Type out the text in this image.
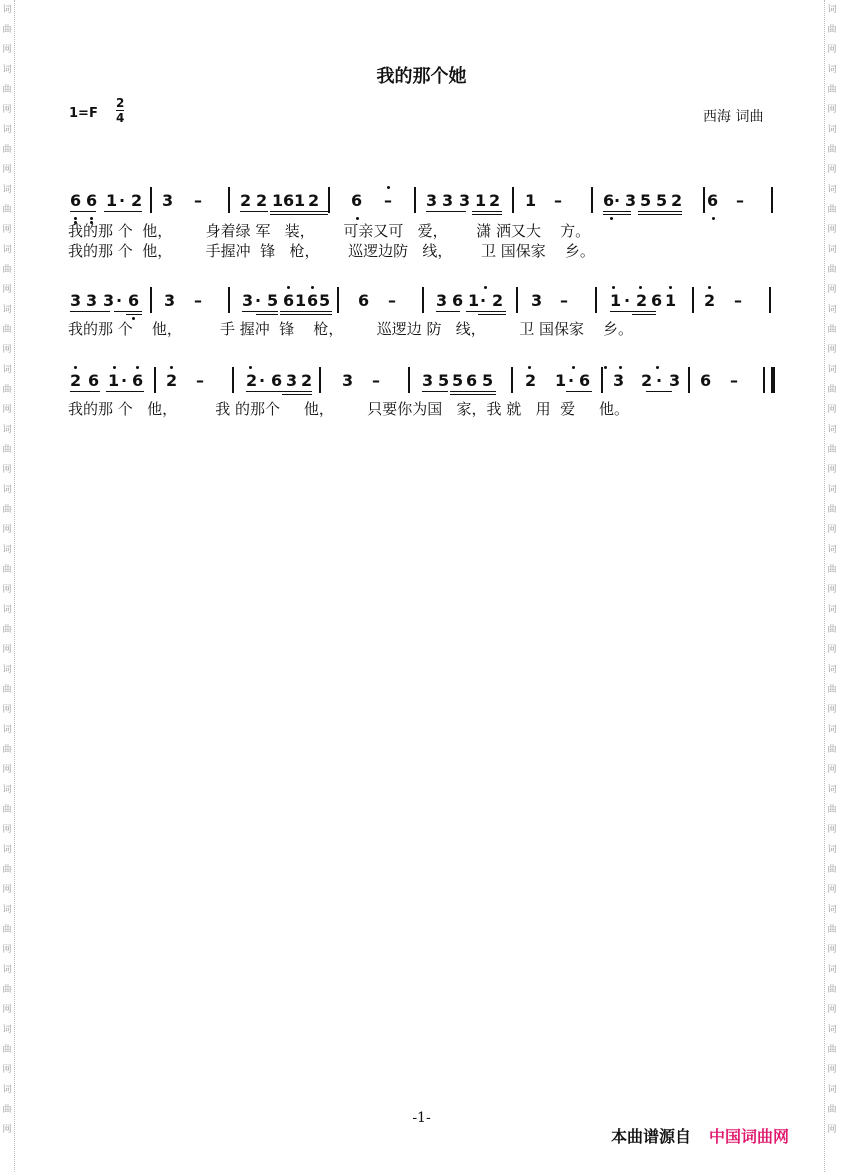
词
曲
网
词
曲
网
词
曲
网
词
曲
网
词
曲
网
词
曲
网
词
曲
网
词
曲
网
词
曲
网
词
曲
网
词
曲
网
词
曲
网
词
曲
网
词
曲
网
词
曲
网
词
曲
网
词
曲
网
词
曲
网
词
曲
网
词
曲
网
词
曲
网
词
曲
网
词
曲
网
词
曲
网
词
曲
网
词
曲
网
词
曲
网
词
曲
网
词
曲
网
词
曲
网
词
曲
网
词
曲
网
词
曲
网
词
曲
网
词
曲
网
词
曲
网
词
曲
网
词
曲
网
我的那个她
1=F
2
4	西海 词曲
6 6 1 · 2 3 – 2 2 1 6 1 2 6 – 3 3 3 1 2 1 –	6 · 3 5 5 2 6 –
我的那 个  他，       身着绿 军   装，      可亲又可   爱，      潇 洒又大    方。
我的那 个  他，       手握冲  锋   枪，      巡逻边防   线，      卫 国保家    乡。
3 3 3 · 6 3 –	3 · 5 6 1 6 5 6 –	3 6 1 · 2 3 –	1 · 2 6 1 2 –
我的那 个    他，        手 握冲  锋    枪，       巡逻边 防   线，       卫 国保家    乡。
2 6 1 · 6 2 –	2 · 6 3 2 3 –	3 5 5 6 5 2 1 · 6 3 2 · 3 6 –
我的那 个   他，        我 的那个     他，       只要你为国   家，我 就   用  爱     他。
-1-
本曲谱源自 中国词曲网
